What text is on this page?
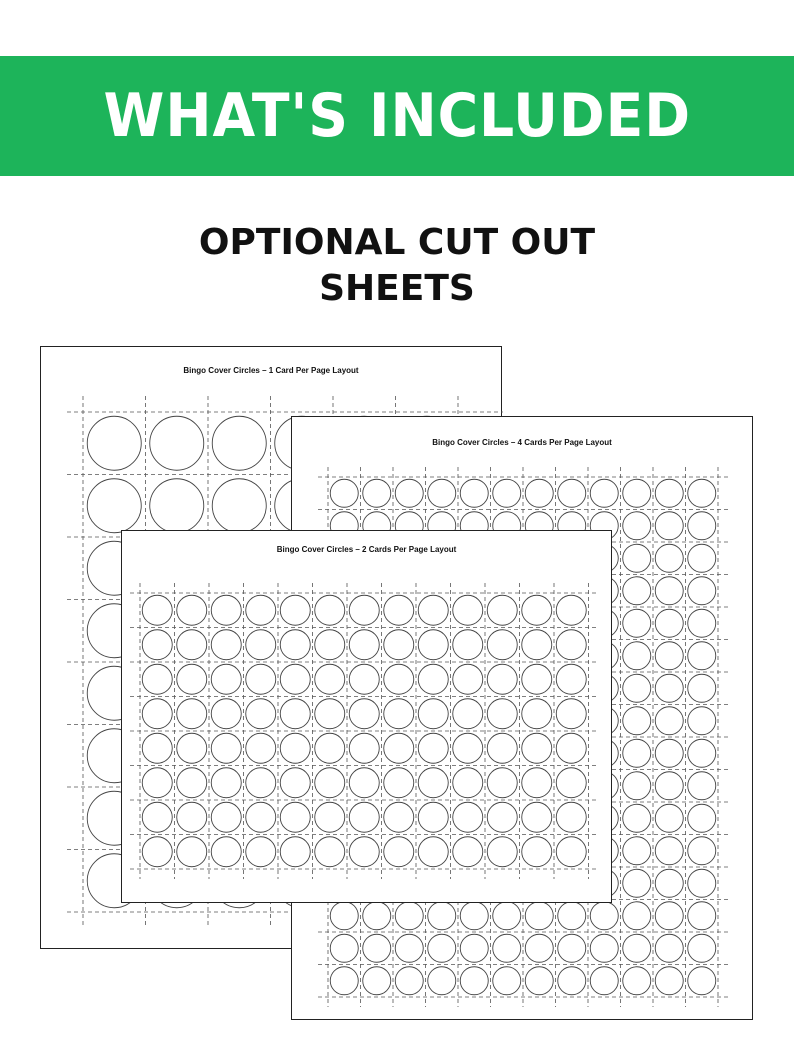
WHAT'S INCLUDED
OPTIONAL CUT OUT
SHEETS
Bingo Cover Circles – 1 Card Per Page Layout
Bingo Cover Circles – 4 Cards Per Page Layout
Bingo Cover Circles – 2 Cards Per Page Layout
